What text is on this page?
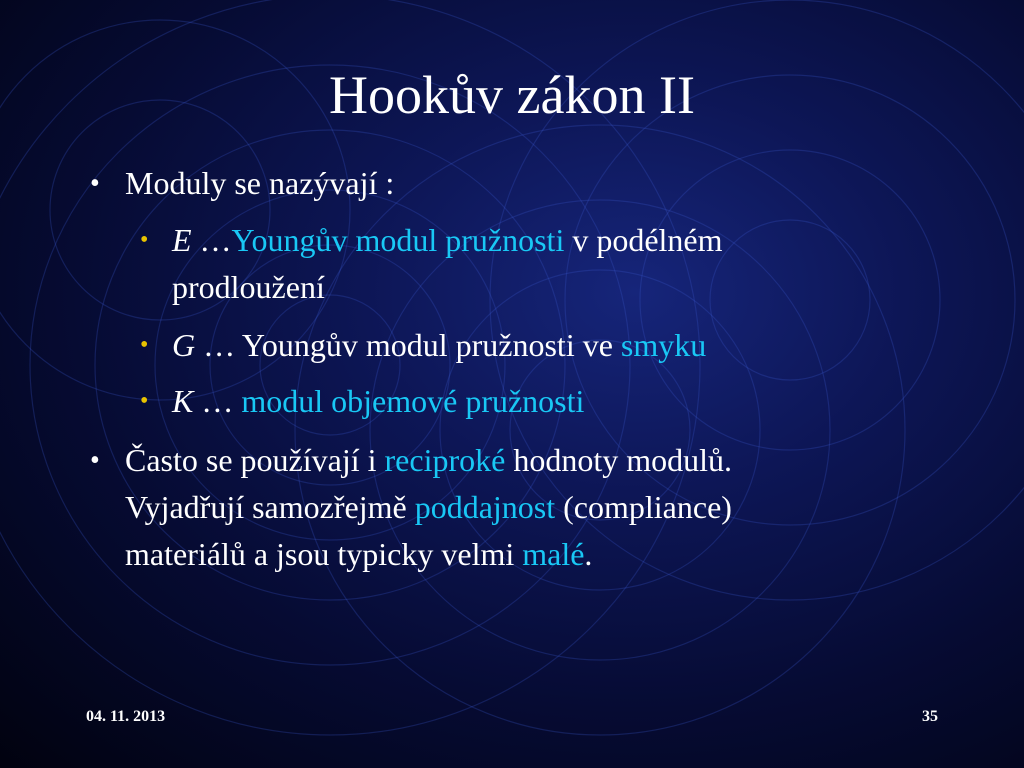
Hookův zákon II
• Moduly se nazývají :
• E …Youngův modul pružnosti v podélném
prodloužení
• G … Youngův modul pružnosti ve smyku
• K … modul objemové pružnosti
• Často se používají i reciproké hodnoty modulů.
Vyjadřují samozřejmě poddajnost (compliance)
materiálů a jsou typicky velmi malé.
04. 11. 2013	35
